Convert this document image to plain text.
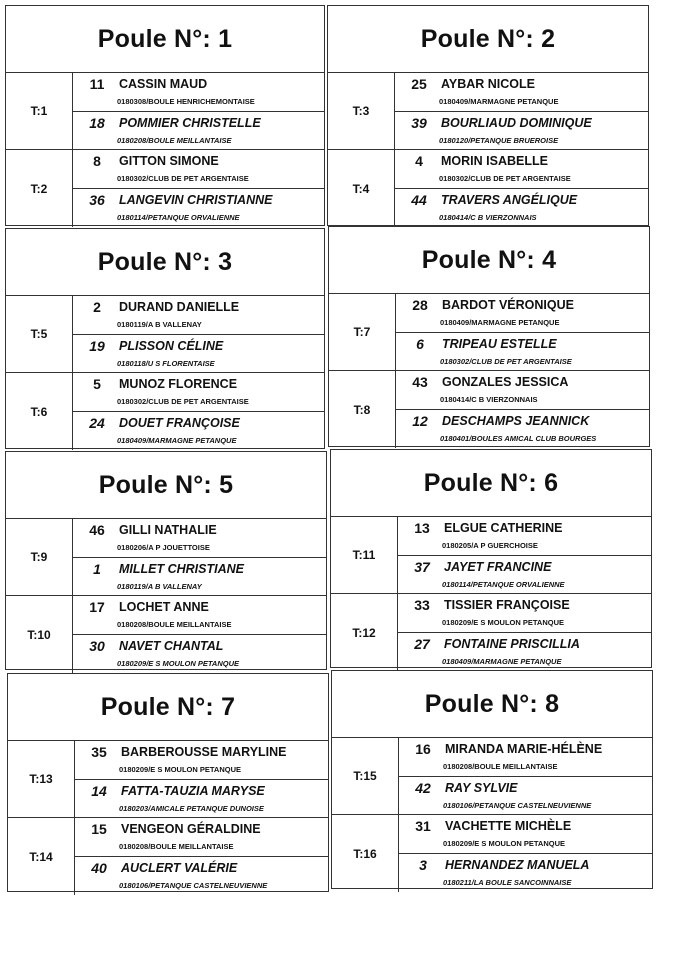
Poule N°: 1
T:1
11	CASSIN MAUD
0180308/BOULE HENRICHEMONTAISE
18	POMMIER CHRISTELLE
0180208/BOULE MEILLANTAISE
T:2
8	GITTON SIMONE
0180302/CLUB DE PET ARGENTAISE
36	LANGEVIN CHRISTIANNE
0180114/PETANQUE ORVALIENNE
Poule N°: 2
T:3
25	AYBAR NICOLE
0180409/MARMAGNE PETANQUE
39	BOURLIAUD DOMINIQUE
0180120/PETANQUE BRUEROISE
T:4
4	MORIN ISABELLE
0180302/CLUB DE PET ARGENTAISE
44	TRAVERS ANGÉLIQUE
0180414/C B VIERZONNAIS
Poule N°: 3
T:5
2	DURAND DANIELLE
0180119/A B VALLENAY
19	PLISSON CÉLINE
0180118/U S FLORENTAISE
T:6
5	MUNOZ FLORENCE
0180302/CLUB DE PET ARGENTAISE
24	DOUET FRANÇOISE
0180409/MARMAGNE PETANQUE
Poule N°: 4
T:7
28	BARDOT VÉRONIQUE
0180409/MARMAGNE PETANQUE
6	TRIPEAU ESTELLE
0180302/CLUB DE PET ARGENTAISE
T:8
43	GONZALES JESSICA
0180414/C B VIERZONNAIS
12	DESCHAMPS JEANNICK
0180401/BOULES AMICAL CLUB BOURGES
Poule N°: 5
T:9
46	GILLI NATHALIE
0180206/A P JOUETTOISE
1	MILLET CHRISTIANE
0180119/A B VALLENAY
T:10
17	LOCHET ANNE
0180208/BOULE MEILLANTAISE
30	NAVET CHANTAL
0180209/E S MOULON PETANQUE
Poule N°: 6
T:11
13	ELGUE CATHERINE
0180205/A P GUERCHOISE
37	JAYET FRANCINE
0180114/PETANQUE ORVALIENNE
T:12
33	TISSIER FRANÇOISE
0180209/E S MOULON PETANQUE
27	FONTAINE PRISCILLIA
0180409/MARMAGNE PETANQUE
Poule N°: 7
T:13
35	BARBEROUSSE MARYLINE
0180209/E S MOULON PETANQUE
14	FATTA-TAUZIA MARYSE
0180203/AMICALE PETANQUE DUNOISE
T:14
15	VENGEON GÉRALDINE
0180208/BOULE MEILLANTAISE
40	AUCLERT VALÉRIE
0180106/PETANQUE CASTELNEUVIENNE
Poule N°: 8
T:15
16	MIRANDA MARIE-HÉLÈNE
0180208/BOULE MEILLANTAISE
42	RAY SYLVIE
0180106/PETANQUE CASTELNEUVIENNE
T:16
31	VACHETTE MICHÈLE
0180209/E S MOULON PETANQUE
3	HERNANDEZ MANUELA
0180211/LA BOULE SANCOINNAISE
